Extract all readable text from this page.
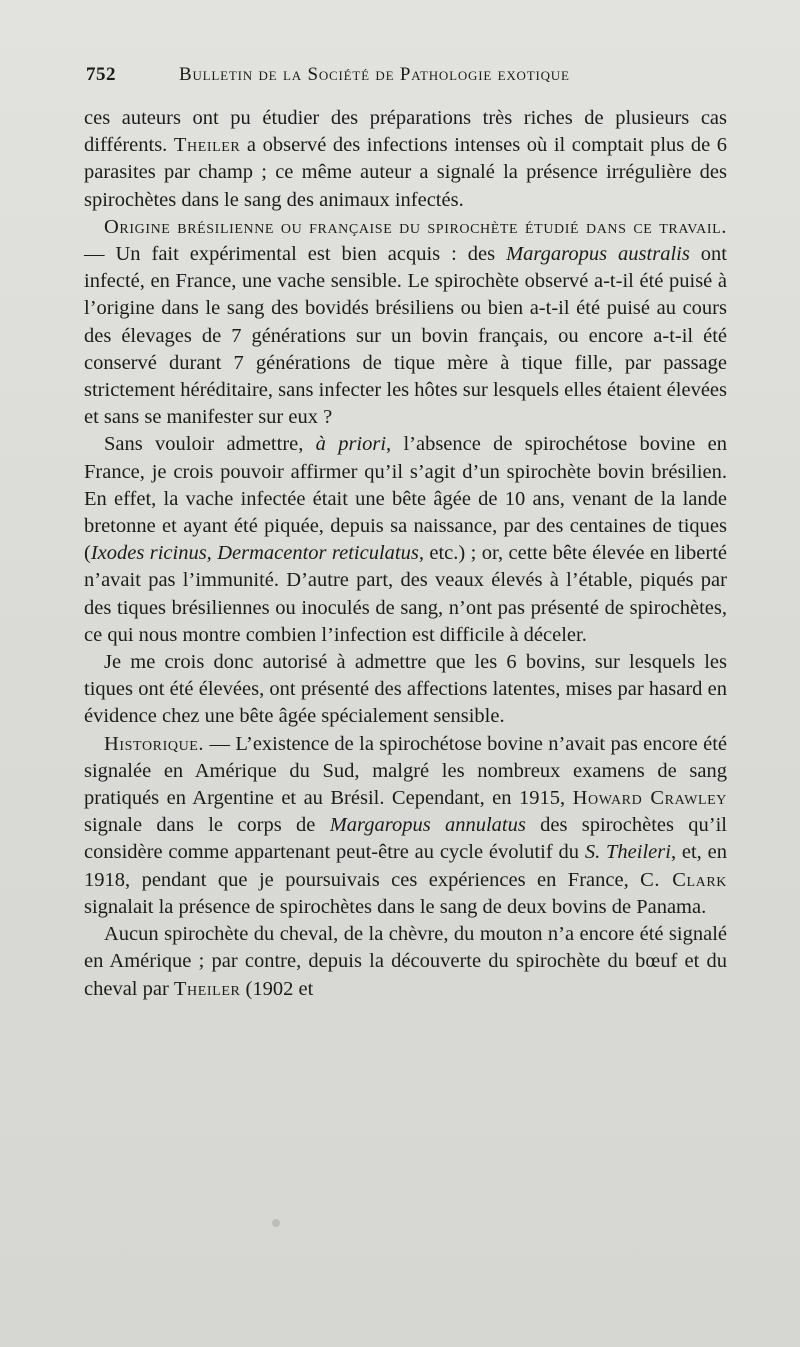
752	Bulletin de la Société de Pathologie exotique

ces auteurs ont pu étudier des préparations très riches de plusieurs cas différents. Theiler a observé des infections intenses où il comptait plus de 6 parasites par champ ; ce même auteur a signalé la présence irrégulière des spirochètes dans le sang des animaux infectés.

Origine brésilienne ou française du spirochète étudié dans ce travail. — Un fait expérimental est bien acquis : des Margaropus australis ont infecté, en France, une vache sensible. Le spirochète observé a-t-il été puisé à l’origine dans le sang des bovidés brésiliens ou bien a-t-il été puisé au cours des élevages de 7 générations sur un bovin français, ou encore a-t-il été conservé durant 7 générations de tique mère à tique fille, par passage strictement héréditaire, sans infecter les hôtes sur lesquels elles étaient élevées et sans se manifester sur eux ?

Sans vouloir admettre, à priori, l’absence de spirochétose bovine en France, je crois pouvoir affirmer qu’il s’agit d’un spirochète bovin brésilien. En effet, la vache infectée était une bête âgée de 10 ans, venant de la lande bretonne et ayant été piquée, depuis sa naissance, par des centaines de tiques (Ixodes ricinus, Dermacentor reticulatus, etc.) ; or, cette bête élevée en liberté n’avait pas l’immunité. D’autre part, des veaux élevés à l’étable, piqués par des tiques brésiliennes ou inoculés de sang, n’ont pas présenté de spirochètes, ce qui nous montre combien l’infection est difficile à déceler.

Je me crois donc autorisé à admettre que les 6 bovins, sur lesquels les tiques ont été élevées, ont présenté des affections latentes, mises par hasard en évidence chez une bête âgée spécialement sensible.

Historique. — L’existence de la spirochétose bovine n’avait pas encore été signalée en Amérique du Sud, malgré les nombreux examens de sang pratiqués en Argentine et au Brésil. Cependant, en 1915, Howard Crawley signale dans le corps de Margaropus annulatus des spirochètes qu’il considère comme appartenant peut-être au cycle évolutif du S. Theileri, et, en 1918, pendant que je poursuivais ces expériences en France, C. Clark signalait la présence de spirochètes dans le sang de deux bovins de Panama.

Aucun spirochète du cheval, de la chèvre, du mouton n’a encore été signalé en Amérique ; par contre, depuis la découverte du spirochète du bœuf et du cheval par Theiler (1902 et
